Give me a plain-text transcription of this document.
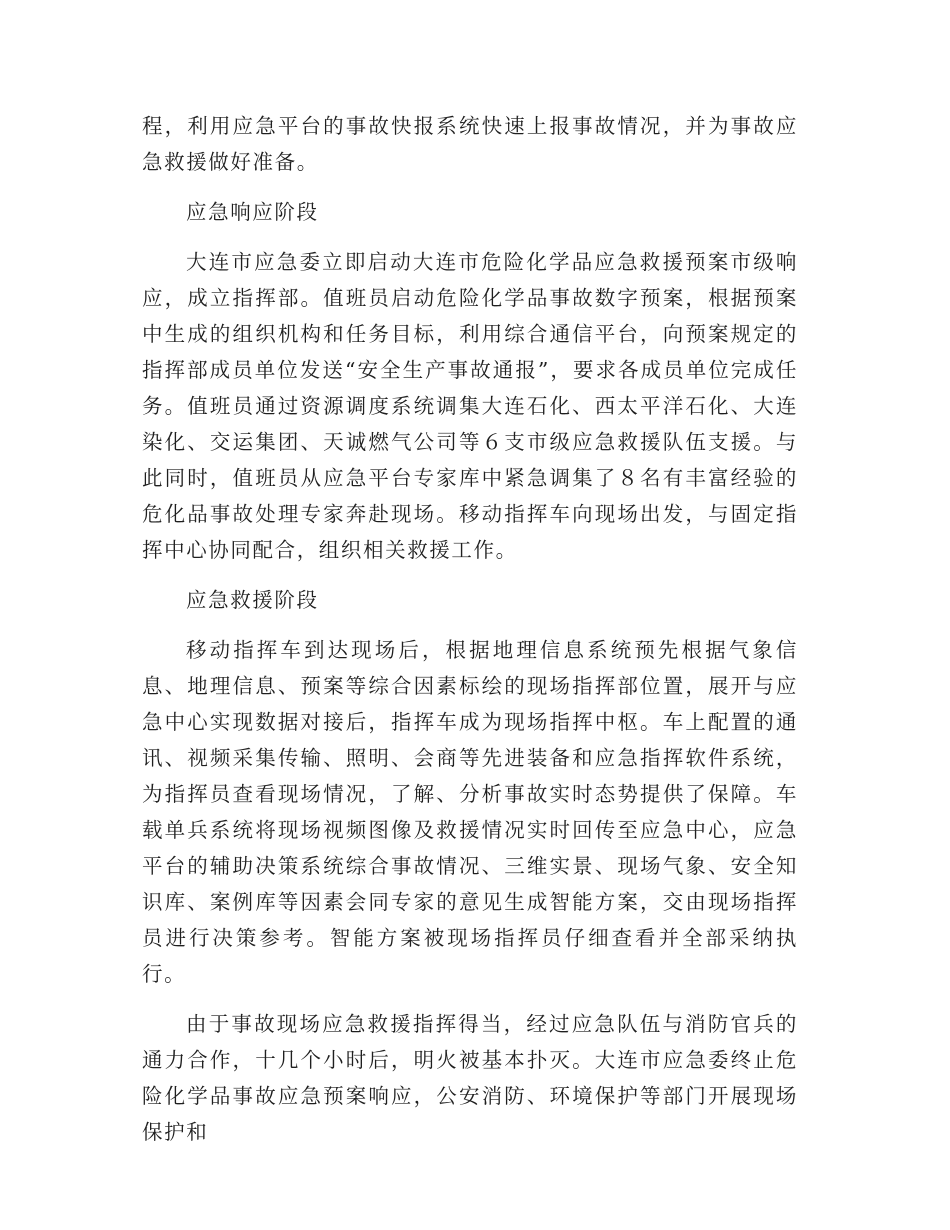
程，利用应急平台的事故快报系统快速上报事故情况，并为事故应急救援做好准备。

应急响应阶段

大连市应急委立即启动大连市危险化学品应急救援预案市级响应，成立指挥部。值班员启动危险化学品事故数字预案，根据预案中生成的组织机构和任务目标，利用综合通信平台，向预案规定的指挥部成员单位发送“安全生产事故通报”，要求各成员单位完成任务。值班员通过资源调度系统调集大连石化、西太平洋石化、大连染化、交运集团、天诚燃气公司等６支市级应急救援队伍支援。与此同时，值班员从应急平台专家库中紧急调集了８名有丰富经验的危化品事故处理专家奔赴现场。移动指挥车向现场出发，与固定指挥中心协同配合，组织相关救援工作。

应急救援阶段

移动指挥车到达现场后，根据地理信息系统预先根据气象信息、地理信息、预案等综合因素标绘的现场指挥部位置，展开与应急中心实现数据对接后，指挥车成为现场指挥中枢。车上配置的通讯、视频采集传输、照明、会商等先进装备和应急指挥软件系统，为指挥员查看现场情况，了解、分析事故实时态势提供了保障。车载单兵系统将现场视频图像及救援情况实时回传至应急中心，应急平台的辅助决策系统综合事故情况、三维实景、现场气象、安全知识库、案例库等因素会同专家的意见生成智能方案，交由现场指挥员进行决策参考。智能方案被现场指挥员仔细查看并全部采纳执行。

由于事故现场应急救援指挥得当，经过应急队伍与消防官兵的通力合作，十几个小时后，明火被基本扑灭。大连市应急委终止危险化学品事故应急预案响应，公安消防、环境保护等部门开展现场保护和
